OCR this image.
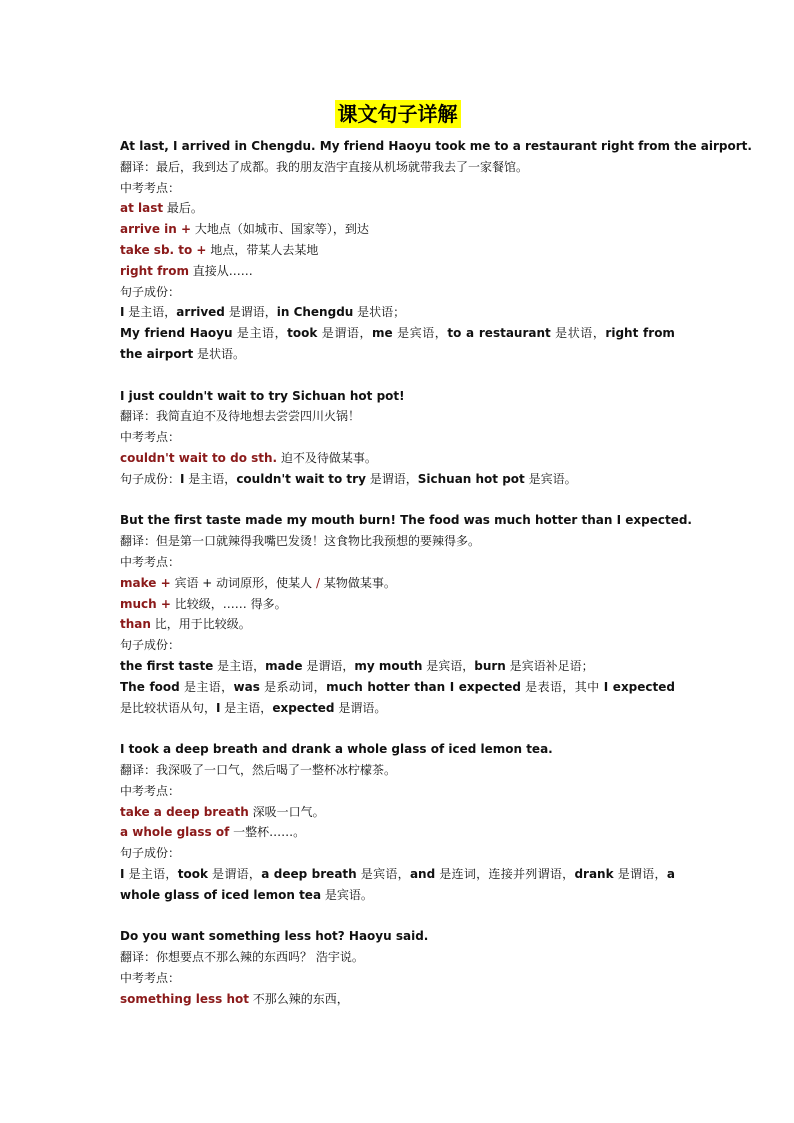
课文句子详解
At last, I arrived in Chengdu. My friend Haoyu took me to a restaurant right from the airport.
翻译：最后，我到达了成都。我的朋友浩宇直接从机场就带我去了一家餐馆。
中考考点：
at last 最后。
arrive in + 大地点（如城市、国家等），到达
take sb. to + 地点，带某人去某地
right from 直接从……
句子成份：
I 是主语，arrived 是谓语，in Chengdu 是状语；
My friend Haoyu 是主语，took 是谓语，me 是宾语，to a restaurant 是状语，right from the airport 是状语。
I just couldn't wait to try Sichuan hot pot!
翻译：我简直迫不及待地想去尝尝四川火锅！
中考考点：
couldn't wait to do sth. 迫不及待做某事。
句子成份：I 是主语，couldn't wait to try 是谓语，Sichuan hot pot 是宾语。
But the first taste made my mouth burn! The food was much hotter than I expected.
翻译：但是第一口就辣得我嘴巴发烫！这食物比我预想的要辣得多。
中考考点：
make + 宾语 + 动词原形，使某人 / 某物做某事。
much + 比较级，…… 得多。
than 比，用于比较级。
句子成份：
the first taste 是主语，made 是谓语，my mouth 是宾语，burn 是宾语补足语；
The food 是主语，was 是系动词，much hotter than I expected 是表语，其中 I expected 是比较状语从句，I 是主语，expected 是谓语。
I took a deep breath and drank a whole glass of iced lemon tea.
翻译：我深吸了一口气，然后喝了一整杯冰柠檬茶。
中考考点：
take a deep breath 深吸一口气。
a whole glass of 一整杯……。
句子成份：
I 是主语，took 是谓语，a deep breath 是宾语，and 是连词，连接并列谓语，drank 是谓语，a whole glass of iced lemon tea 是宾语。
Do you want something less hot? Haoyu said.
翻译：你想要点不那么辣的东西吗？ 浩宇说。
中考考点：
something less hot 不那么辣的东西，
